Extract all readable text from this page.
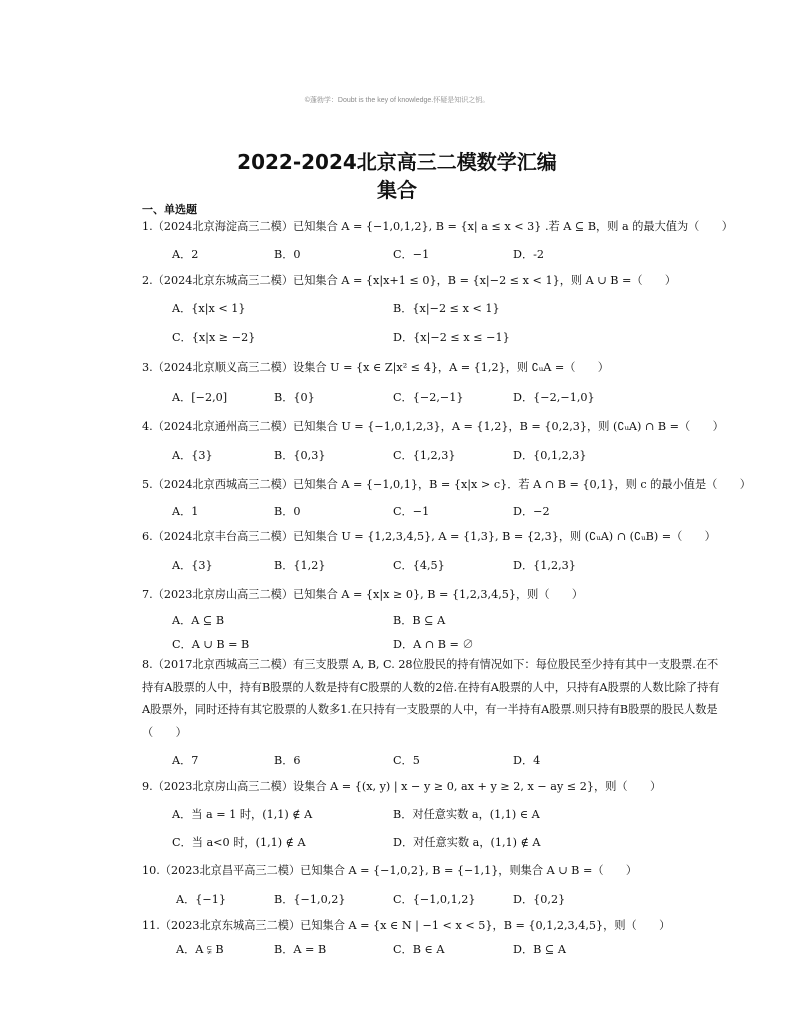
©蓬勃学：Doubt is the key of knowledge.怀疑是知识之钥。
2022-2024北京高三二模数学汇编
集合
一、单选题
1.（2024北京海淀高三二模）已知集合 A = {−1,0,1,2}, B = {x| a ≤ x < 3} .若 A ⊆ B，则 a 的最大值为（　　）
A．2	B．0	C．−1	D．-2
2.（2024北京东城高三二模）已知集合 A = {x|x+1 ≤ 0}，B = {x|−2 ≤ x < 1}，则 A ∪ B =（　　）
A．{x|x < 1}	B．{x|−2 ≤ x < 1}
C．{x|x ≥ −2}	D．{x|−2 ≤ x ≤ −1}
3.（2024北京顺义高三二模）设集合 U = {x ∈ Z|x² ≤ 4}，A = {1,2}，则 ∁ᵤA =（　　）
A．[−2,0]	B．{0}	C．{−2,−1}	D．{−2,−1,0}
4.（2024北京通州高三二模）已知集合 U = {−1,0,1,2,3}，A = {1,2}，B = {0,2,3}，则 (∁ᵤA) ∩ B =（　　）
A．{3}	B．{0,3}	C．{1,2,3}	D．{0,1,2,3}
5.（2024北京西城高三二模）已知集合 A = {−1,0,1}，B = {x|x > c}．若 A ∩ B = {0,1}，则 c 的最小值是（　　）
A．1	B．0	C．−1	D．−2
6.（2024北京丰台高三二模）已知集合 U = {1,2,3,4,5}, A = {1,3}, B = {2,3}，则 (∁ᵤA) ∩ (∁ᵤB) =（　　）
A．{3}	B．{1,2}	C．{4,5}	D．{1,2,3}
7.（2023北京房山高三二模）已知集合 A = {x|x ≥ 0}, B = {1,2,3,4,5}，则（　　）
A．A ⊆ B	B．B ⊆ A
C．A ∪ B = B	D．A ∩ B = ∅
8.（2017北京西城高三二模）有三支股票 A, B, C. 28位股民的持有情况如下：每位股民至少持有其中一支股票.在不持有A股票的人中，持有B股票的人数是持有C股票的人数的2倍.在持有A股票的人中，只持有A股票的人数比除了持有A股票外，同时还持有其它股票的人数多1.在只持有一支股票的人中，有一半持有A股票.则只持有B股票的股民人数是（　　）
A．7	B．6	C．5	D．4
9.（2023北京房山高三二模）设集合 A = {(x, y) | x − y ≥ 0, ax + y ≥ 2, x − ay ≤ 2}，则（　　）
A．当 a = 1 时，(1,1) ∉ A	B．对任意实数 a，(1,1) ∈ A
C．当 a<0 时，(1,1) ∉ A	D．对任意实数 a，(1,1) ∉ A
10.（2023北京昌平高三二模）已知集合 A = {−1,0,2}, B = {−1,1}，则集合 A ∪ B =（　　）
A．{−1}	B．{−1,0,2}	C．{−1,0,1,2}	D．{0,2}
11.（2023北京东城高三二模）已知集合 A = {x ∈ N | −1 < x < 5}，B = {0,1,2,3,4,5}，则（　　）
A．A ⫋ B	B．A = B	C．B ∈ A	D．B ⊆ A
